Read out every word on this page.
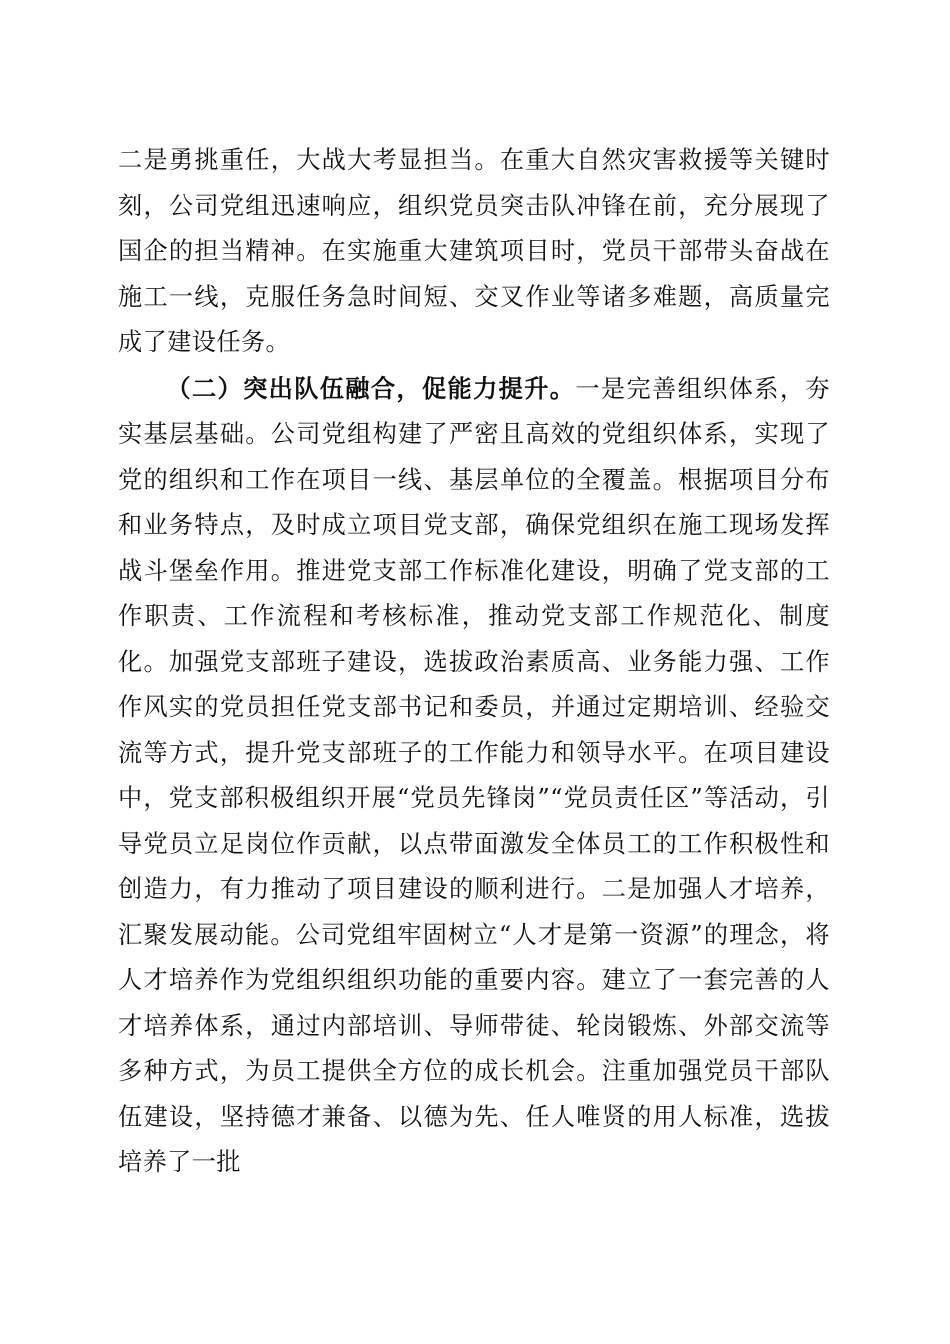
二是勇挑重任，大战大考显担当。在重大自然灾害救援等关键时刻，公司党组迅速响应，组织党员突击队冲锋在前，充分展现了国企的担当精神。在实施重大建筑项目时，党员干部带头奋战在施工一线，克服任务急时间短、交叉作业等诸多难题，高质量完成了建设任务。

（二）突出队伍融合，促能力提升。一是完善组织体系，夯实基层基础。公司党组构建了严密且高效的党组织体系，实现了党的组织和工作在项目一线、基层单位的全覆盖。根据项目分布和业务特点，及时成立项目党支部，确保党组织在施工现场发挥战斗堡垒作用。推进党支部工作标准化建设，明确了党支部的工作职责、工作流程和考核标准，推动党支部工作规范化、制度化。加强党支部班子建设，选拔政治素质高、业务能力强、工作作风实的党员担任党支部书记和委员，并通过定期培训、经验交流等方式，提升党支部班子的工作能力和领导水平。在项目建设中，党支部积极组织开展“党员先锋岗”“党员责任区”等活动，引导党员立足岗位作贡献，以点带面激发全体员工的工作积极性和创造力，有力推动了项目建设的顺利进行。二是加强人才培养，汇聚发展动能。公司党组牢固树立“人才是第一资源”的理念，将人才培养作为党组织组织功能的重要内容。建立了一套完善的人才培养体系，通过内部培训、导师带徒、轮岗锻炼、外部交流等多种方式，为员工提供全方位的成长机会。注重加强党员干部队伍建设，坚持德才兼备、以德为先、任人唯贤的用人标准，选拔培养了一批
